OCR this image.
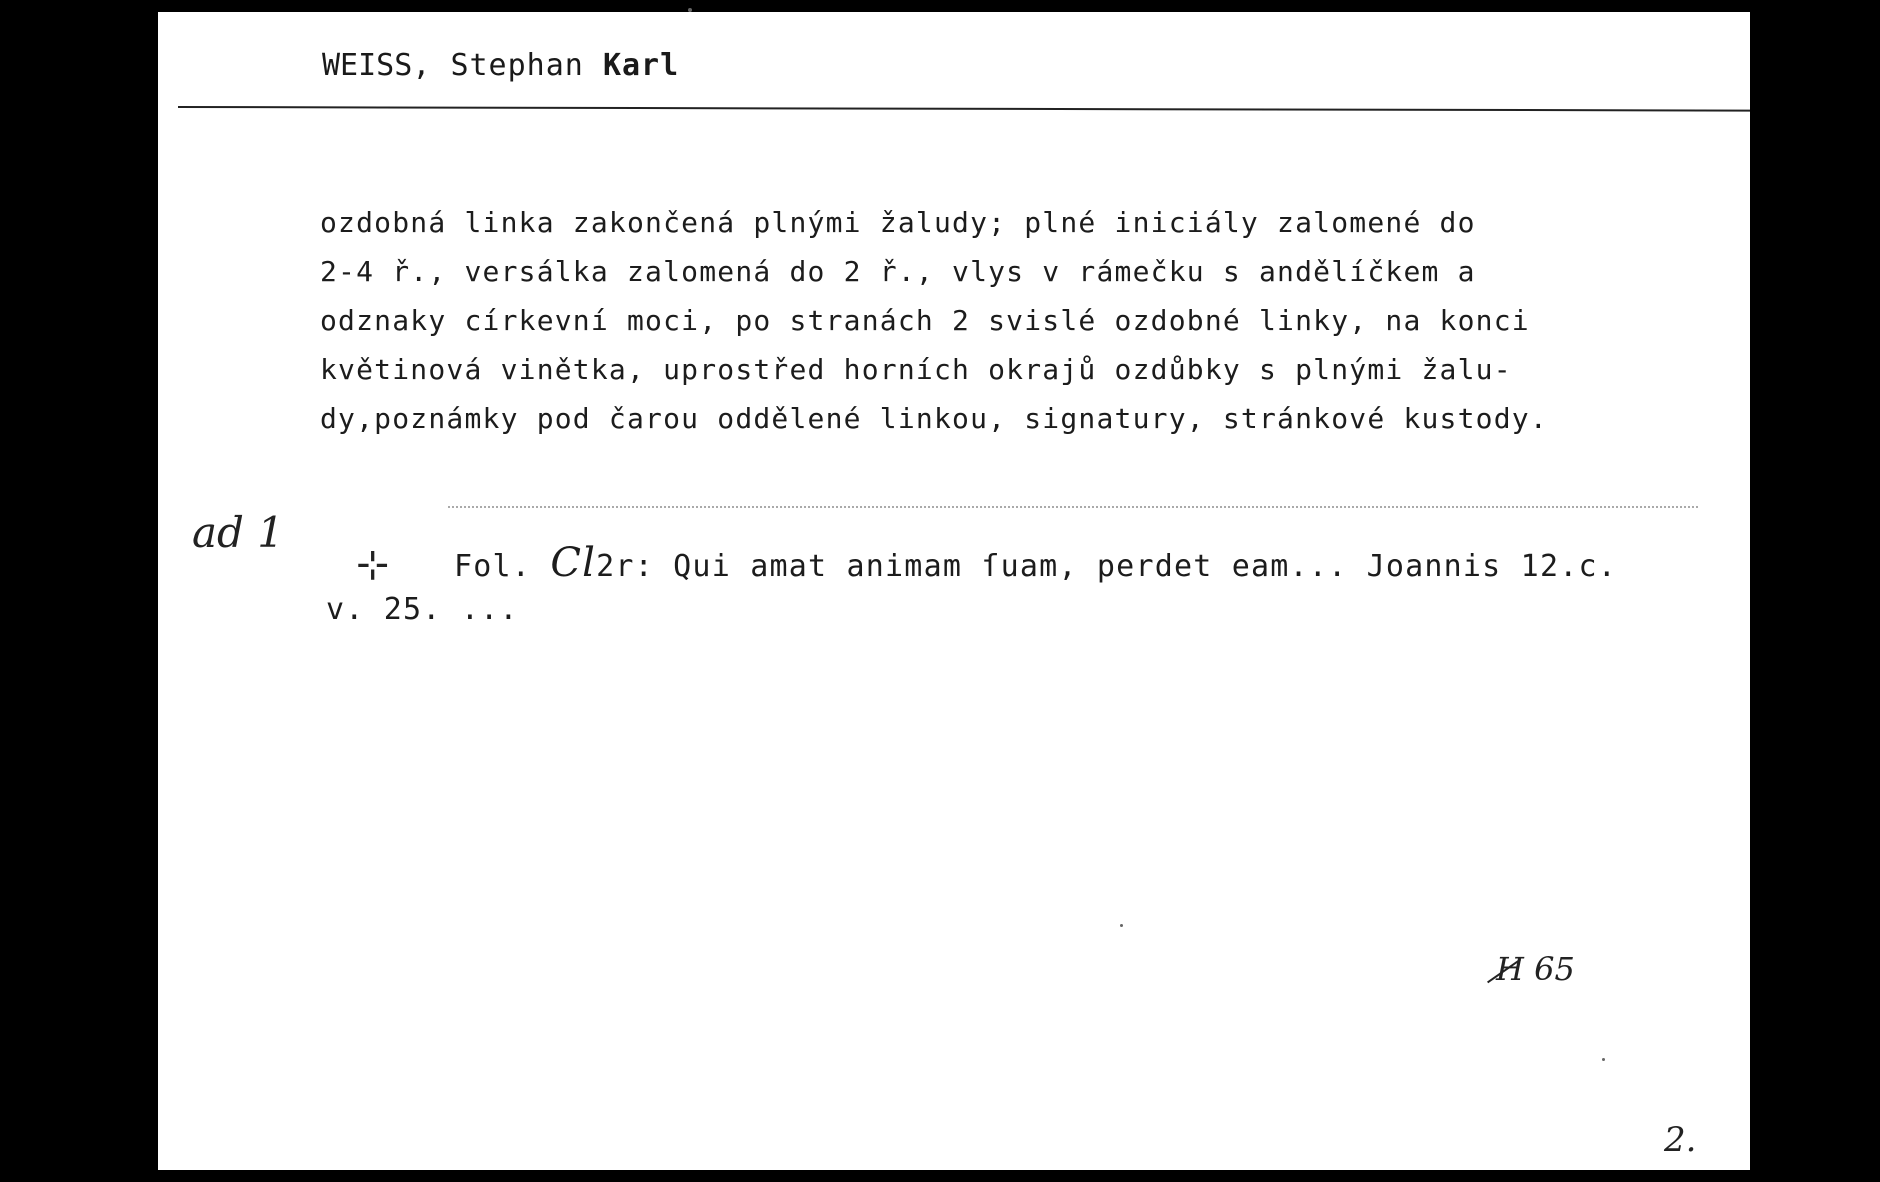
WEISS, Stephan Karl
ozdobná linka zakončená plnými žaludy; plné iniciály zalomené do
2-4 ř., versálka zalomená do 2 ř., vlys v rámečku s andělíčkem a
odznaky církevní moci, po stranách 2 svislé ozdobné linky, na konci
květinová vinětka, uprostřed horních okrajů ozdůbky s plnými žalu-
dy,poznámky pod čarou oddělené linkou, signatury, stránkové kustody.
ad 1
⊹ Fol. Cl2r: Qui amat animam ſuam, perdet eam... Joannis 12.c.
v. 25. ...
H 65
2.
